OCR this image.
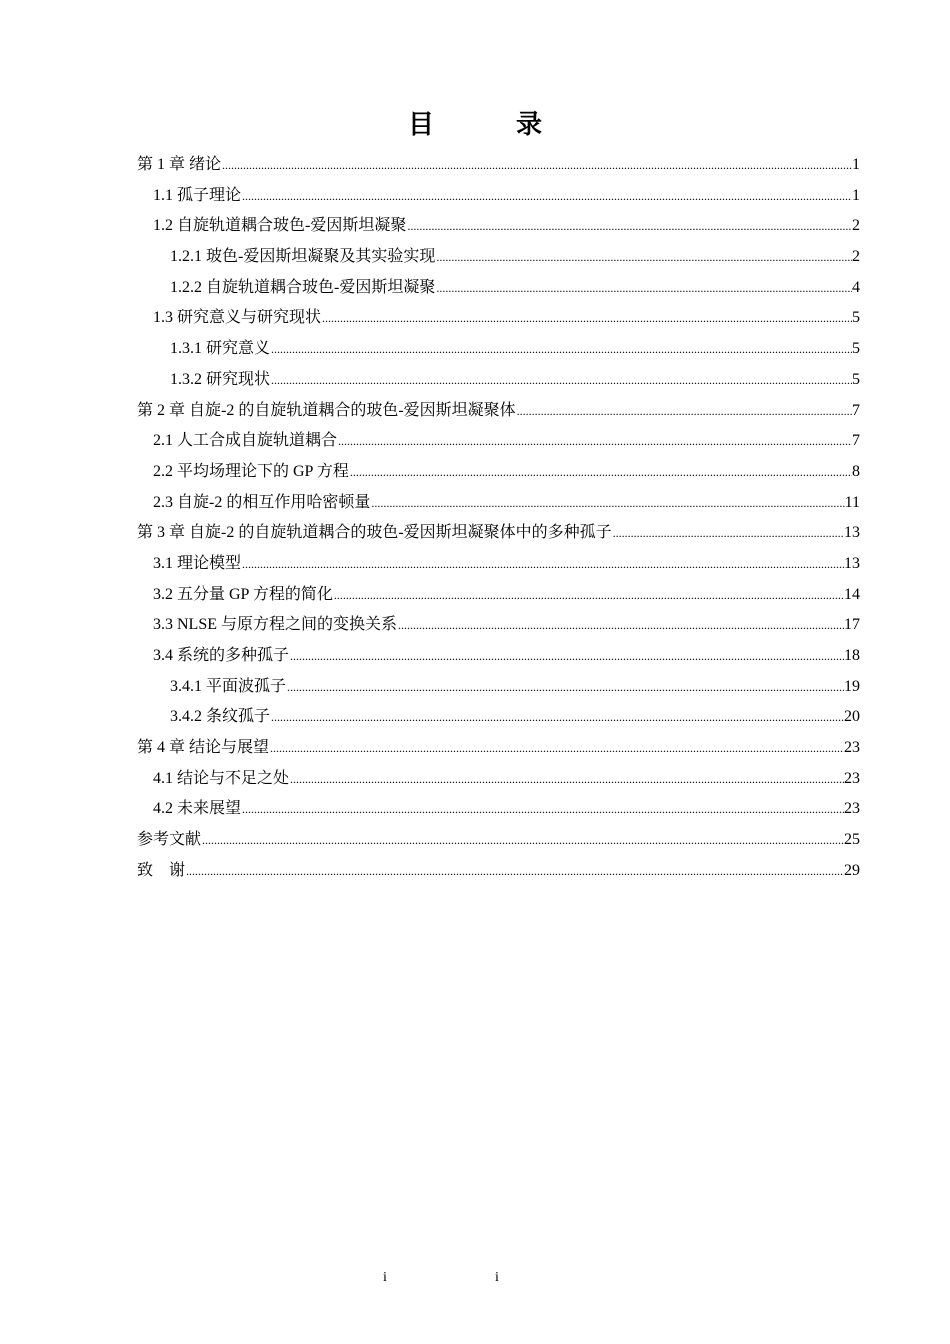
目　录
第 1 章 绪论 .....	1
1.1 孤子理论 .....	1
1.2 自旋轨道耦合玻色-爱因斯坦凝聚 .....	2
1.2.1 玻色-爱因斯坦凝聚及其实验实现 .....	2
1.2.2 自旋轨道耦合玻色-爱因斯坦凝聚 .....	4
1.3 研究意义与研究现状 .....	5
1.3.1 研究意义 .....	5
1.3.2 研究现状 .....	5
第 2 章 自旋-2 的自旋轨道耦合的玻色-爱因斯坦凝聚体 .....	7
2.1 人工合成自旋轨道耦合 .....	7
2.2 平均场理论下的 GP 方程 .....	8
2.3 自旋-2 的相互作用哈密顿量 .....	11
第 3 章 自旋-2 的自旋轨道耦合的玻色-爱因斯坦凝聚体中的多种孤子 .....	13
3.1 理论模型 .....	13
3.2 五分量 GP 方程的简化 .....	14
3.3 NLSE 与原方程之间的变换关系 .....	17
3.4 系统的多种孤子 .....	18
3.4.1 平面波孤子 .....	19
3.4.2 条纹孤子 .....	20
第 4 章 结论与展望 .....	23
4.1 结论与不足之处 .....	23
4.2 未来展望 .....	23
参考文献 .....	25
致　谢 .....	29
i	i
